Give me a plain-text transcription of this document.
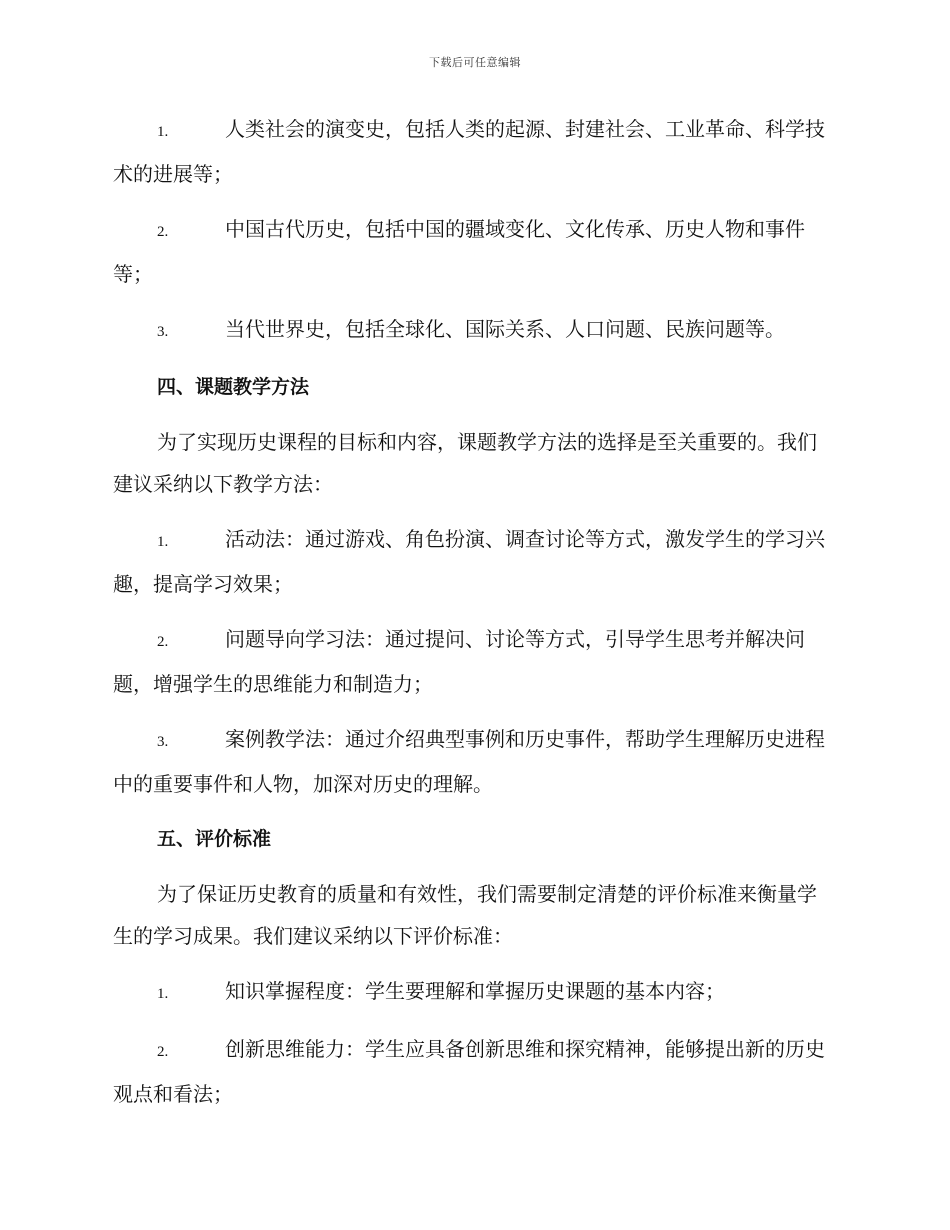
下载后可任意编辑

1.	人类社会的演变史，包括人类的起源、封建社会、工业革命、科学技术的进展等；

2.	中国古代历史，包括中国的疆域变化、文化传承、历史人物和事件等；

3.	当代世界史，包括全球化、国际关系、人口问题、民族问题等。

四、课题教学方法

为了实现历史课程的目标和内容，课题教学方法的选择是至关重要的。我们建议采纳以下教学方法：

1.	活动法：通过游戏、角色扮演、调查讨论等方式，激发学生的学习兴趣，提高学习效果；

2.	问题导向学习法：通过提问、讨论等方式，引导学生思考并解决问题，增强学生的思维能力和制造力；

3.	案例教学法：通过介绍典型事例和历史事件，帮助学生理解历史进程中的重要事件和人物，加深对历史的理解。

五、评价标准

为了保证历史教育的质量和有效性，我们需要制定清楚的评价标准来衡量学生的学习成果。我们建议采纳以下评价标准：

1.	知识掌握程度：学生要理解和掌握历史课题的基本内容；

2.	创新思维能力：学生应具备创新思维和探究精神，能够提出新的历史观点和看法；
